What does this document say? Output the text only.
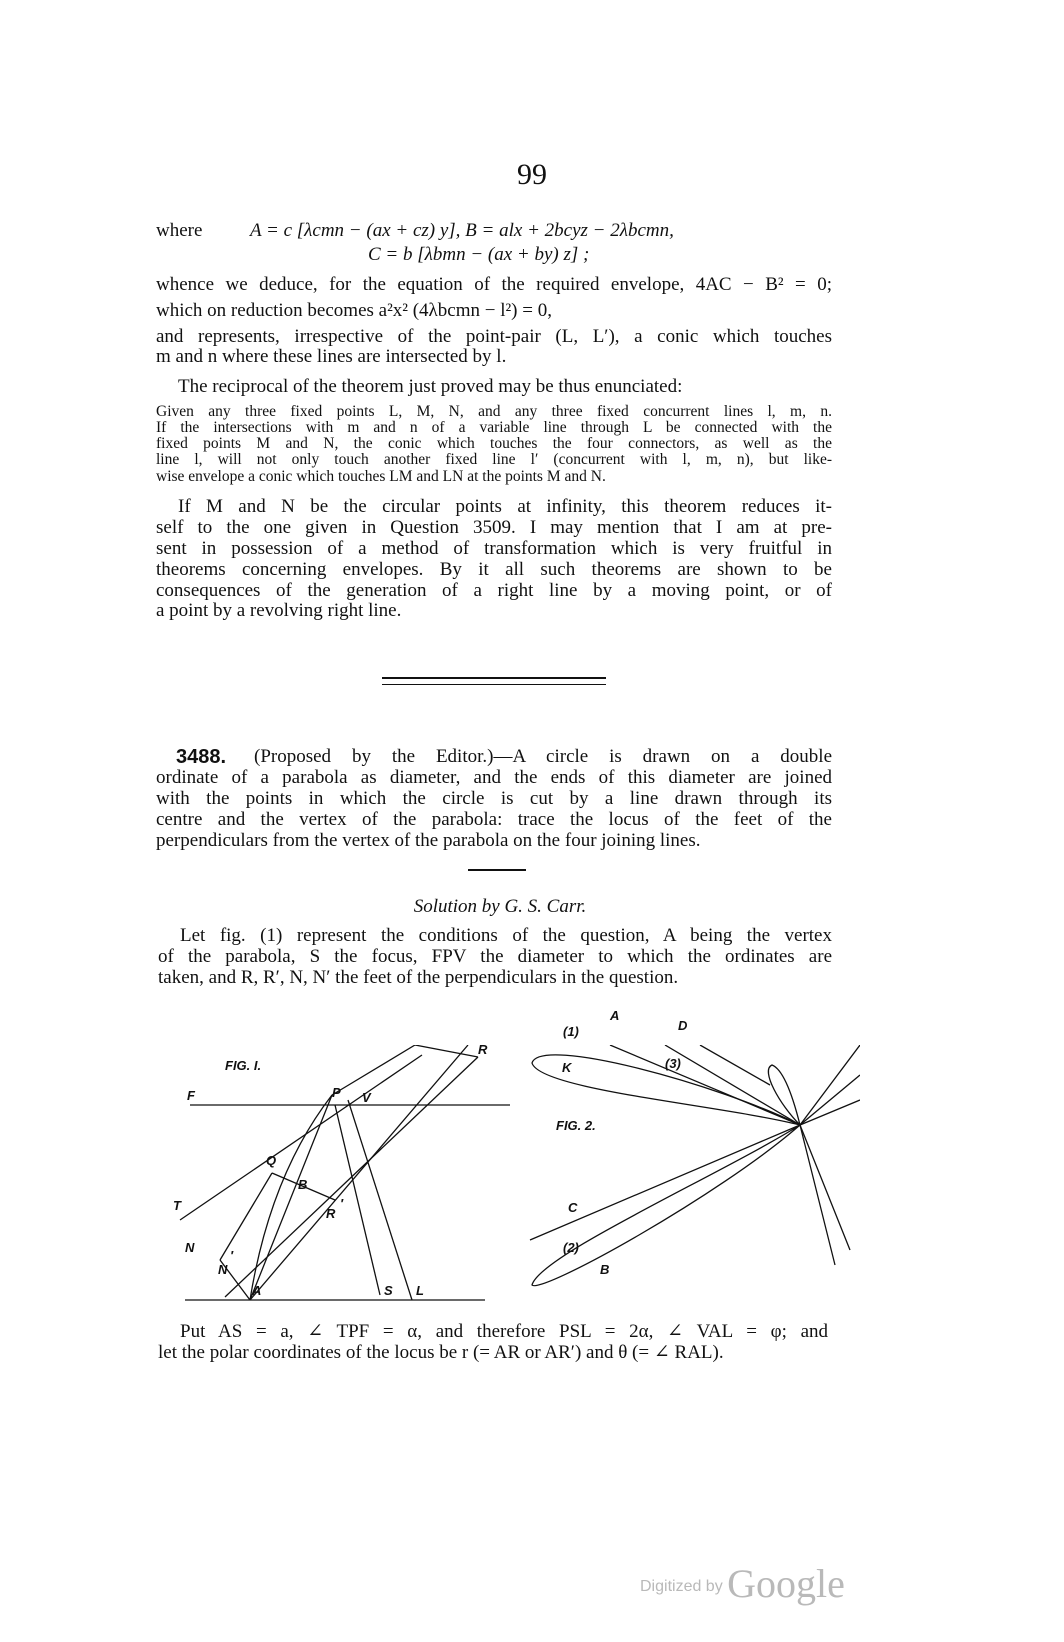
99
where	A = c [λcmn − (ax + cz) y], B = alx + 2bcyz − 2λbcmn,
C = b [λbmn − (ax + by) z] ;
whence we deduce, for the equation of the required envelope, 4AC − B² = 0;
which on reduction becomes a²x² (4λbcmn − l²) = 0,
and represents, irrespective of the point-pair (L, L′), a conic which touches
m and n where these lines are intersected by l.
The reciprocal of the theorem just proved may be thus enunciated:
Given any three fixed points L, M, N, and any three fixed concurrent lines l, m, n.
If the intersections with m and n of a variable line through L be connected with the
fixed points M and N, the conic which touches the four connectors, as well as the
line l, will not only touch another fixed line l′ (concurrent with l, m, n), but like-
wise envelope a conic which touches LM and LN at the points M and N.
If M and N be the circular points at infinity, this theorem reduces it-
self to the one given in Question 3509. I may mention that I am at pre-
sent in possession of a method of transformation which is very fruitful in
theorems concerning envelopes. By it all such theorems are shown to be
consequences of the generation of a right line by a moving point, or of
a point by a revolving right line.
3488. (Proposed by the Editor.)—A circle is drawn on a double
ordinate of a parabola as diameter, and the ends of this diameter are joined
with the points in which the circle is cut by a line drawn through its
centre and the vertex of the parabola: trace the locus of the feet of the
perpendiculars from the vertex of the parabola on the four joining lines.
Solution by G. S. Carr.
Let fig. (1) represent the conditions of the question, A being the vertex
of the parabola, S the focus, FPV the diameter to which the ordinates are
taken, and R, R′, N, N′ the feet of the perpendiculars in the question.
FIG. I.
F	P V
R
Q
B
T
R
′
N
N
′
A	S L
FIG. 2.
A
D
K
(1)
(3)
C
(2)
B
Put AS = a, ∠ TPF = α, and therefore PSL = 2α, ∠ VAL = φ; and
let the polar coordinates of the locus be r (= AR or AR′) and θ (= ∠ RAL).
Digitized by Google
